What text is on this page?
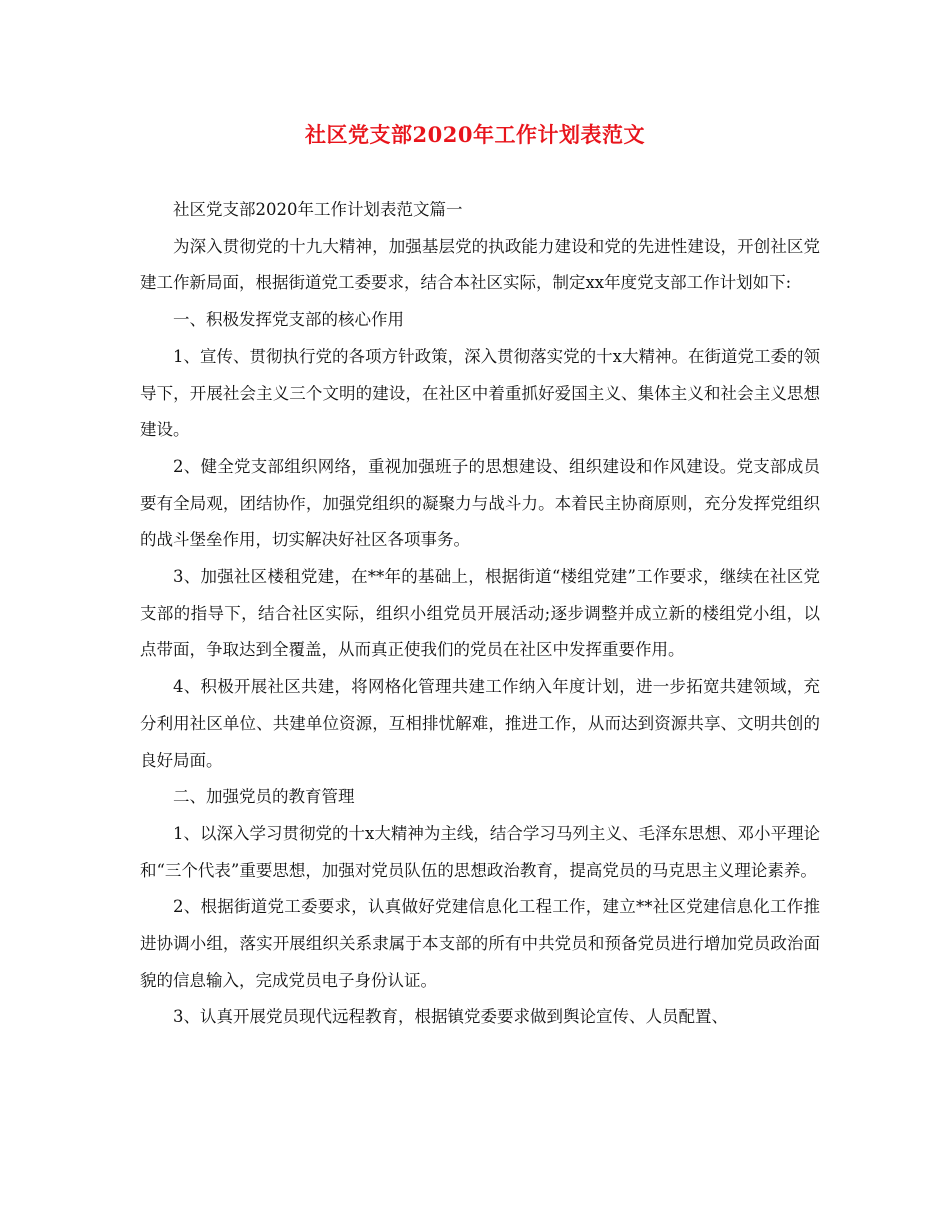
社区党支部2020年工作计划表范文

社区党支部2020年工作计划表范文篇一

为深入贯彻党的十九大精神，加强基层党的执政能力建设和党的先进性建设，开创社区党建工作新局面，根据街道党工委要求，结合本社区实际，制定xx年度党支部工作计划如下:

一、积极发挥党支部的核心作用

1、宣传、贯彻执行党的各项方针政策，深入贯彻落实党的十x大精神。在街道党工委的领导下，开展社会主义三个文明的建设，在社区中着重抓好爱国主义、集体主义和社会主义思想建设。

2、健全党支部组织网络，重视加强班子的思想建设、组织建设和作风建设。党支部成员要有全局观，团结协作，加强党组织的凝聚力与战斗力。本着民主协商原则，充分发挥党组织的战斗堡垒作用，切实解决好社区各项事务。

3、加强社区楼租党建，在**年的基础上，根据街道“楼组党建”工作要求，继续在社区党支部的指导下，结合社区实际，组织小组党员开展活动;逐步调整并成立新的楼组党小组，以点带面，争取达到全覆盖，从而真正使我们的党员在社区中发挥重要作用。

4、积极开展社区共建，将网格化管理共建工作纳入年度计划，进一步拓宽共建领域，充分利用社区单位、共建单位资源，互相排忧解难，推进工作，从而达到资源共享、文明共创的良好局面。

二、加强党员的教育管理

1、以深入学习贯彻党的十x大精神为主线，结合学习马列主义、毛泽东思想、邓小平理论和“三个代表”重要思想，加强对党员队伍的思想政治教育，提高党员的马克思主义理论素养。

2、根据街道党工委要求，认真做好党建信息化工程工作，建立**社区党建信息化工作推进协调小组，落实开展组织关系隶属于本支部的所有中共党员和预备党员进行增加党员政治面貌的信息输入，完成党员电子身份认证。

3、认真开展党员现代远程教育，根据镇党委要求做到舆论宣传、人员配置、
